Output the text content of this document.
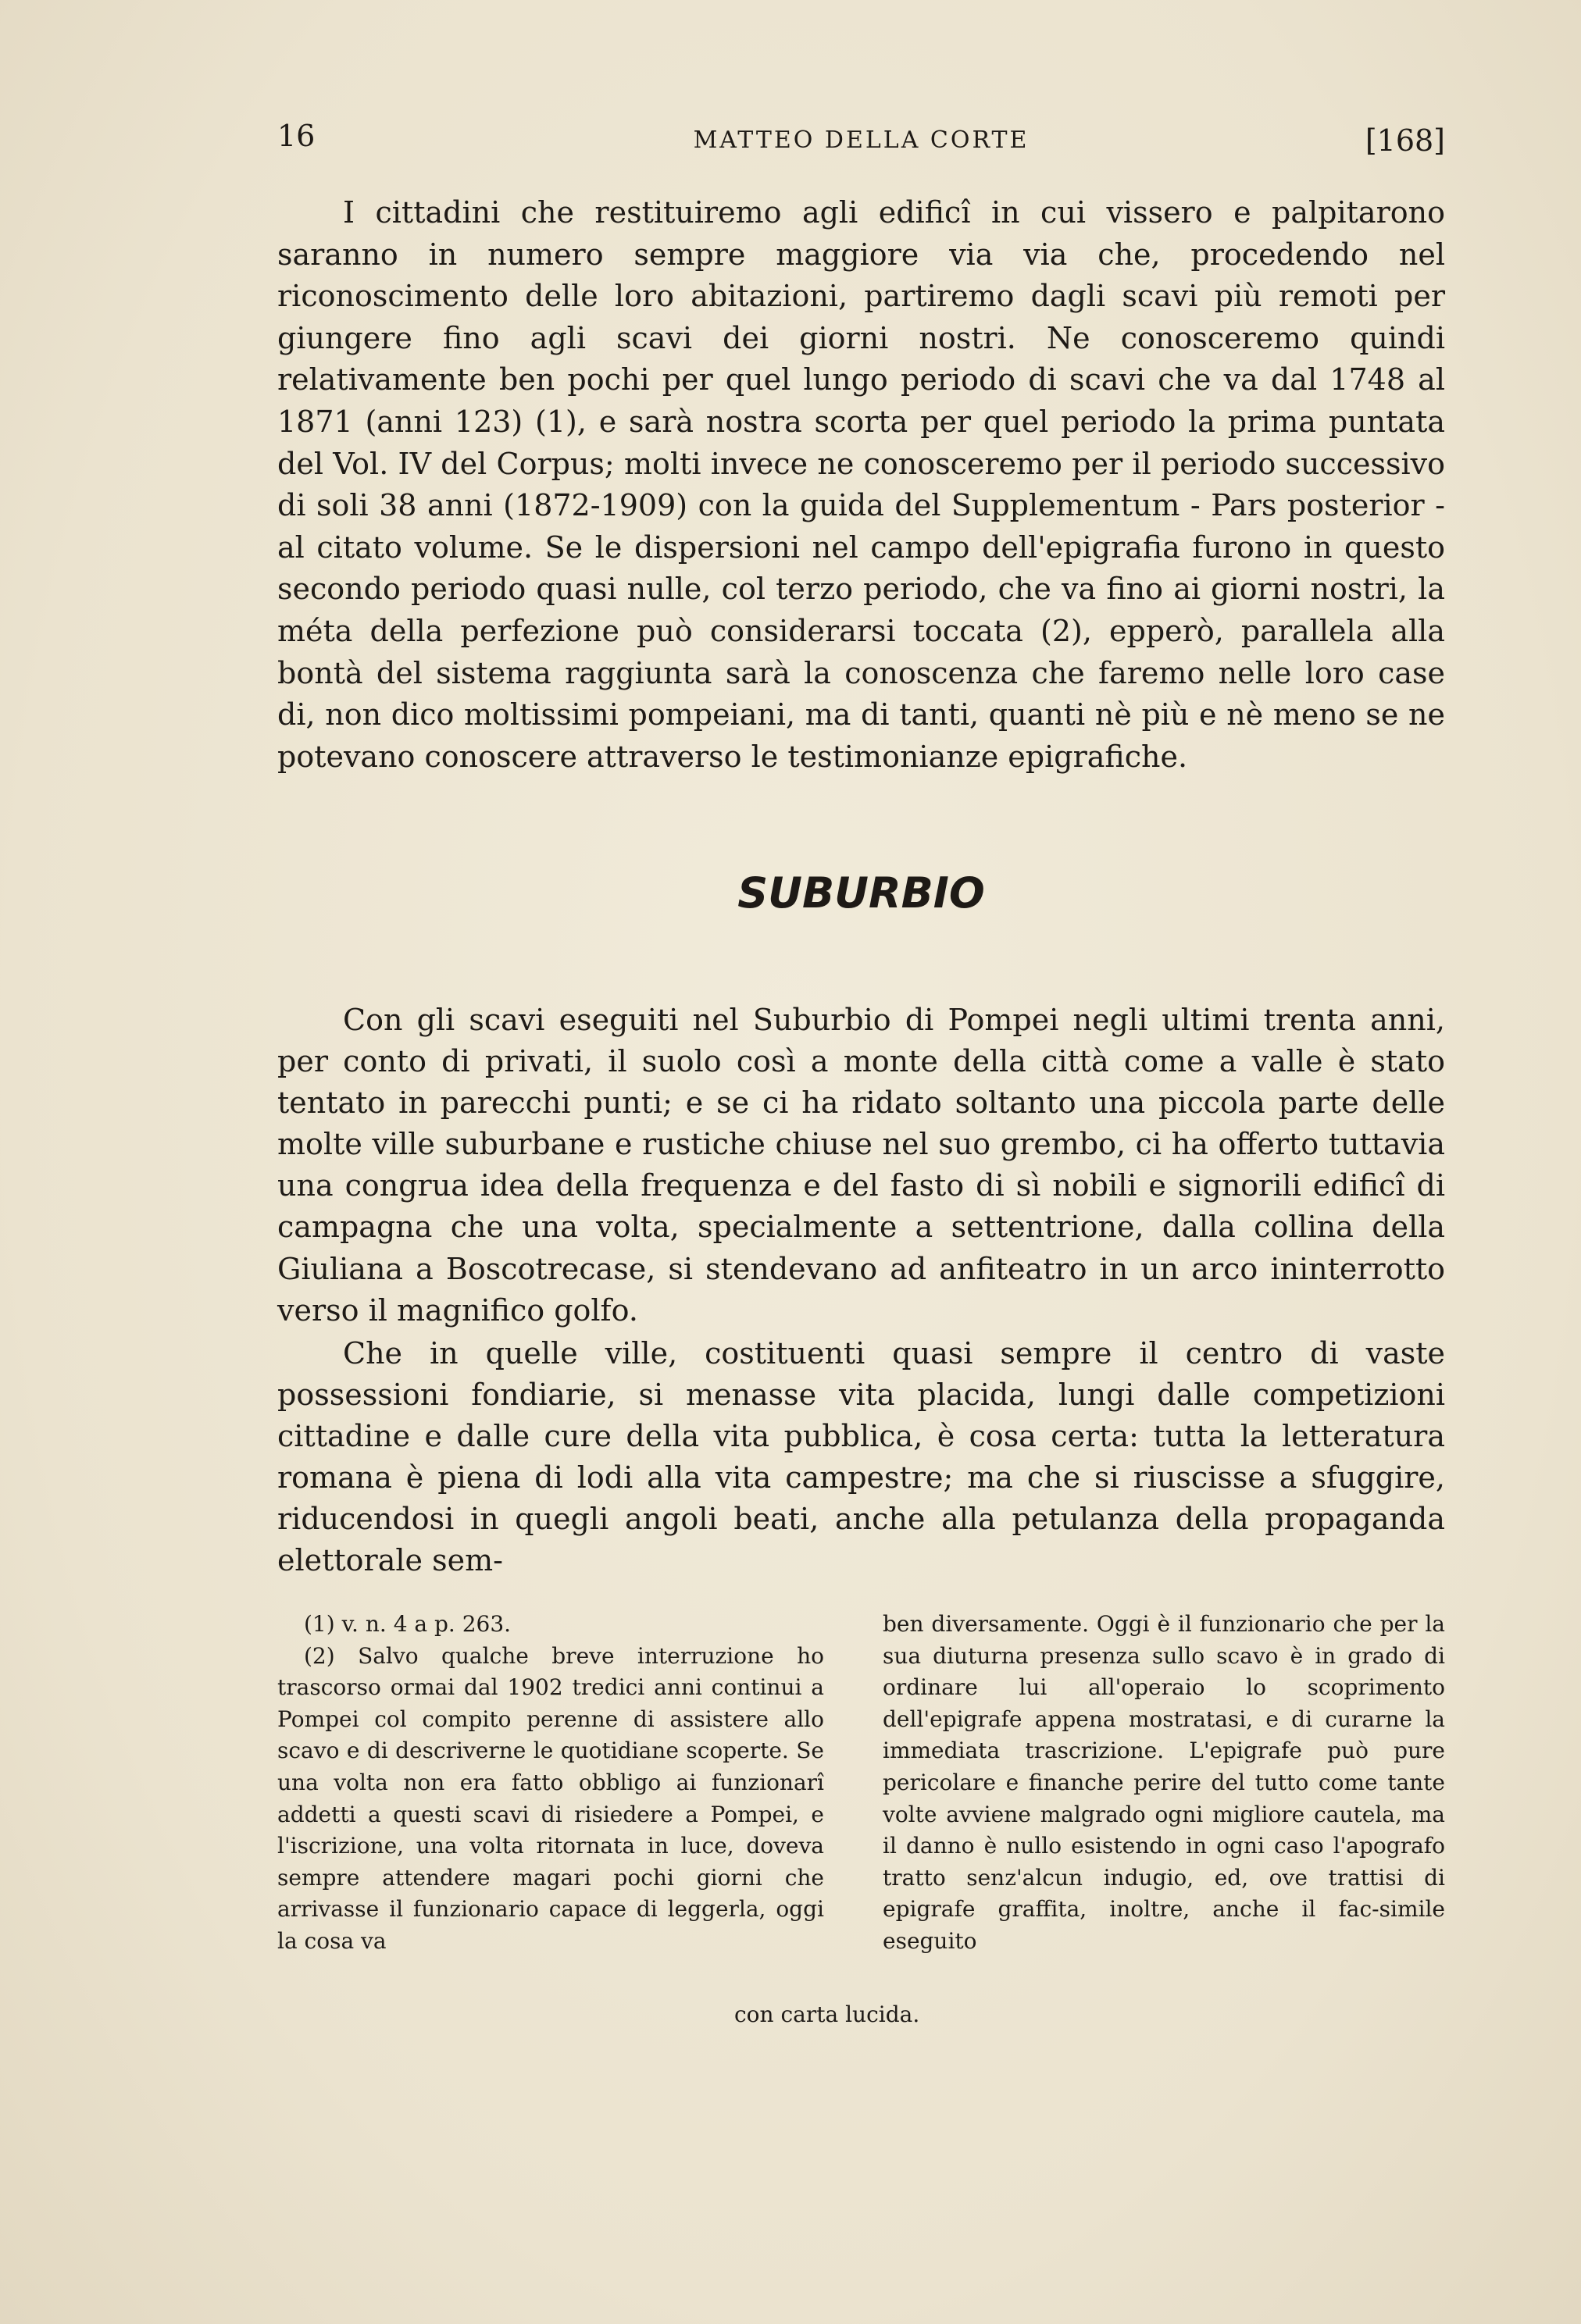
16	MATTEO DELLA CORTE	[168]

I cittadini che restituiremo agli edificî in cui vissero e palpitarono saranno in numero sempre maggiore via via che, procedendo nel riconoscimento delle loro abitazioni, partiremo dagli scavi più remoti per giungere fino agli scavi dei giorni nostri. Ne conosceremo quindi relativamente ben pochi per quel lungo periodo di scavi che va dal 1748 al 1871 (anni 123) (1), e sarà nostra scorta per quel periodo la prima puntata del Vol. IV del Corpus; molti invece ne conosceremo per il periodo successivo di soli 38 anni (1872-1909) con la guida del Supplementum - Pars posterior - al citato volume. Se le dispersioni nel campo dell'epigrafia furono in questo secondo periodo quasi nulle, col terzo periodo, che va fino ai giorni nostri, la méta della perfezione può considerarsi toccata (2), epperò, parallela alla bontà del sistema raggiunta sarà la conoscenza che faremo nelle loro case di, non dico moltissimi pompeiani, ma di tanti, quanti nè più e nè meno se ne potevano conoscere attraverso le testimonianze epigrafiche.

SUBURBIO

Con gli scavi eseguiti nel Suburbio di Pompei negli ultimi trenta anni, per conto di privati, il suolo così a monte della città come a valle è stato tentato in parecchi punti; e se ci ha ridato soltanto una piccola parte delle molte ville suburbane e rustiche chiuse nel suo grembo, ci ha offerto tuttavia una congrua idea della frequenza e del fasto di sì nobili e signorili edificî di campagna che una volta, specialmente a settentrione, dalla collina della Giuliana a Boscotrecase, si stendevano ad anfiteatro in un arco ininterrotto verso il magnifico golfo.

Che in quelle ville, costituenti quasi sempre il centro di vaste possessioni fondiarie, si menasse vita placida, lungi dalle competizioni cittadine e dalle cure della vita pubblica, è cosa certa: tutta la letteratura romana è piena di lodi alla vita campestre; ma che si riuscisse a sfuggire, riducendosi in quegli angoli beati, anche alla petulanza della propaganda elettorale sem-

(1) v. n. 4 a p. 263.

(2) Salvo qualche breve interruzione ho trascorso ormai dal 1902 tredici anni continui a Pompei col compito perenne di assistere allo scavo e di descriverne le quotidiane scoperte. Se una volta non era fatto obbligo ai funzionarî addetti a questi scavi di risiedere a Pompei, e l'iscrizione, una volta ritornata in luce, doveva sempre attendere magari pochi giorni che arrivasse il funzionario capace di leggerla, oggi la cosa va

ben diversamente. Oggi è il funzionario che per la sua diuturna presenza sullo scavo è in grado di ordinare lui all'operaio lo scoprimento dell'epigrafe appena mostratasi, e di curarne la immediata trascrizione. L'epigrafe può pure pericolare e finanche perire del tutto come tante volte avviene malgrado ogni migliore cautela, ma il danno è nullo esistendo in ogni caso l'apografo tratto senz'alcun indugio, ed, ove trattisi di epigrafe graffita, inoltre, anche il fac-simile eseguito

con carta lucida.
